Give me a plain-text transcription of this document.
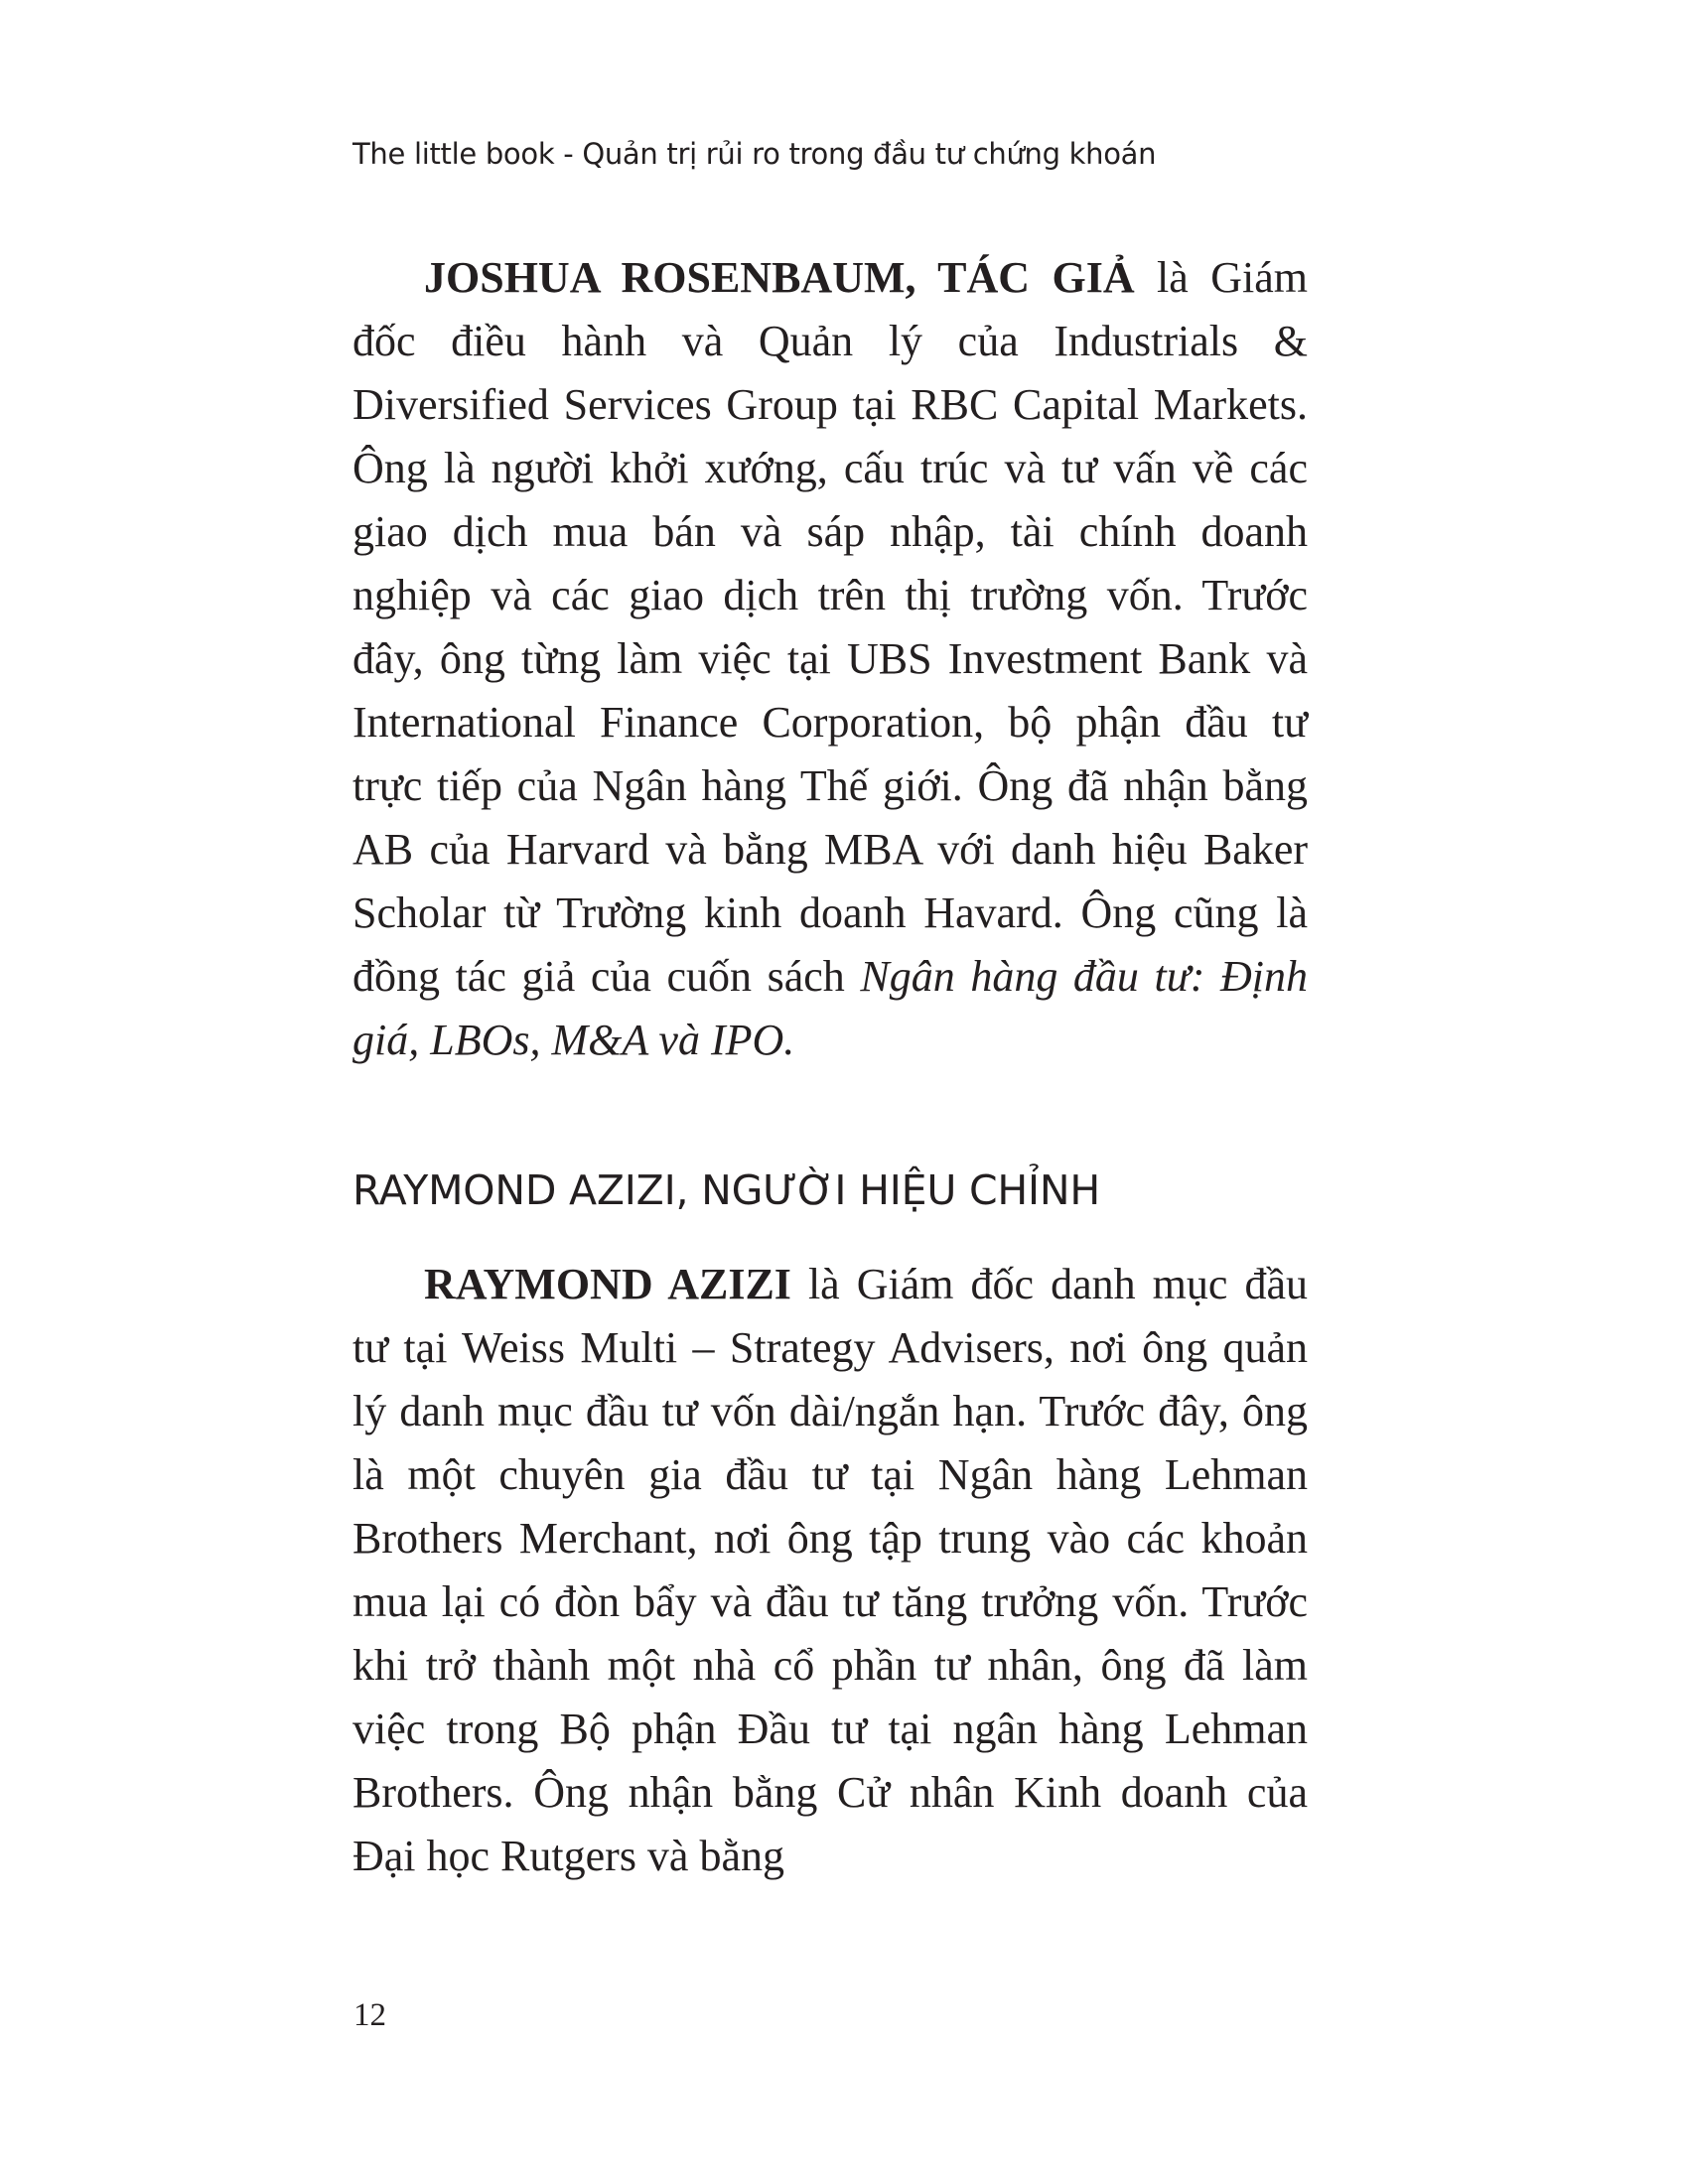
The little book - Quản trị rủi ro trong đầu tư chứng khoán

JOSHUA ROSENBAUM, TÁC GIẢ là Giám đốc điều hành và Quản lý của Industrials & Diversified Services Group tại RBC Capital Markets. Ông là người khởi xướng, cấu trúc và tư vấn về các giao dịch mua bán và sáp nhập, tài chính doanh nghiệp và các giao dịch trên thị trường vốn. Trước đây, ông từng làm việc tại UBS Investment Bank và International Finance Corporation, bộ phận đầu tư trực tiếp của Ngân hàng Thế giới. Ông đã nhận bằng AB của Harvard và bằng MBA với danh hiệu Baker Scholar từ Trường kinh doanh Havard. Ông cũng là đồng tác giả của cuốn sách Ngân hàng đầu tư: Định giá, LBOs, M&A và IPO.

RAYMOND AZIZI, NGƯỜI HIỆU CHỈNH

RAYMOND AZIZI là Giám đốc danh mục đầu tư tại Weiss Multi – Strategy Advisers, nơi ông quản lý danh mục đầu tư vốn dài/ngắn hạn. Trước đây, ông là một chuyên gia đầu tư tại Ngân hàng Lehman Brothers Merchant, nơi ông tập trung vào các khoản mua lại có đòn bẩy và đầu tư tăng trưởng vốn. Trước khi trở thành một nhà cổ phần tư nhân, ông đã làm việc trong Bộ phận Đầu tư tại ngân hàng Lehman Brothers. Ông nhận bằng Cử nhân Kinh doanh của Đại học Rutgers và bằng

12
